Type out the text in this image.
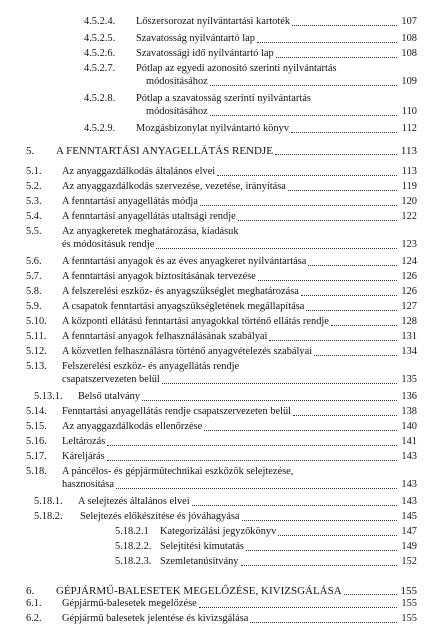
4.5.2.4. Lőszersorozat nyilvántartási kartoték	107
4.5.2.5. Szavatosság nyilvántartó lap	108
4.5.2.6. Szavatossági idő nyilvántartó lap	108
4.5.2.7. Pótlap az egyedi azonosító szerinti nyilvántartás
módosításához	109
4.5.2.8. Pótlap a szavatosság szerinti nyilvántartás
módosításához	110
4.5.2.9. Mozgásbizonylat nyilvántartó könyv	112
5. A FENNTARTÁSI ANYAGELLÁTÁS RENDJE	113
5.1. Az anyaggazdálkodás általános elvei	113
5.2. Az anyaggazdálkodás szervezése, vezetése, irányítása	119
5.3. A fenntartási anyagellátás módja	120
5.4. A fenntartási anyagellátás utaltsági rendje	122
5.5. Az anyagkeretek meghatározása, kiadásuk
és módosításuk rendje	123
5.6. A fenntartási anyagok és az éves anyagkeret nyilvántartása	124
5.7. A fenntartási anyagok biztosításának tervezése	126
5.8. A felszerelési eszköz- és anyagszükséglet meghatározása	126
5.9. A csapatok fenntartási anyagszükségletének megállapítása	127
5.10. A központi ellátású fenntartási anyagokkal történő ellátás rendje	128
5.11. A fenntartási anyagok felhasználásának szabályai	131
5.12. A közvetlen felhasználásra történő anyagvételezés szabályai	134
5.13. Felszerelési eszköz- és anyagellátás rendje
csapatszervezeten belül	135
5.13.1. Belső utalvány	136
5.14. Fenntartási anyagellátás rendje csapatszervezeten belül	138
5.15. Az anyaggazdálkodás ellenőrzése	140
5.16. Leltározás	141
5.17. Káreljárás	143
5.18. A páncélos- és gépjárműtechnikai eszközök selejtezése,
hasznosítása	143
5.18.1. A selejtezés általános elvei	143
5.18.2. Selejtezés előkészítése és jóváhagyása	145
5.18.2.1 Kategorizálási jegyzőkönyv	147
5.18.2.2. Selejtítési kimutatás	149
5.18.2.3. Szemletanúsítvány	152
6. GÉPJÁRMŰ-BALESETEK MEGELŐZÉSE, KIVIZSGÁLÁSA	155
6.1. Gépjármű-balesetek megelőzése	155
6.2. Gépjármű balesetek jelentése és kivizsgálása	155
